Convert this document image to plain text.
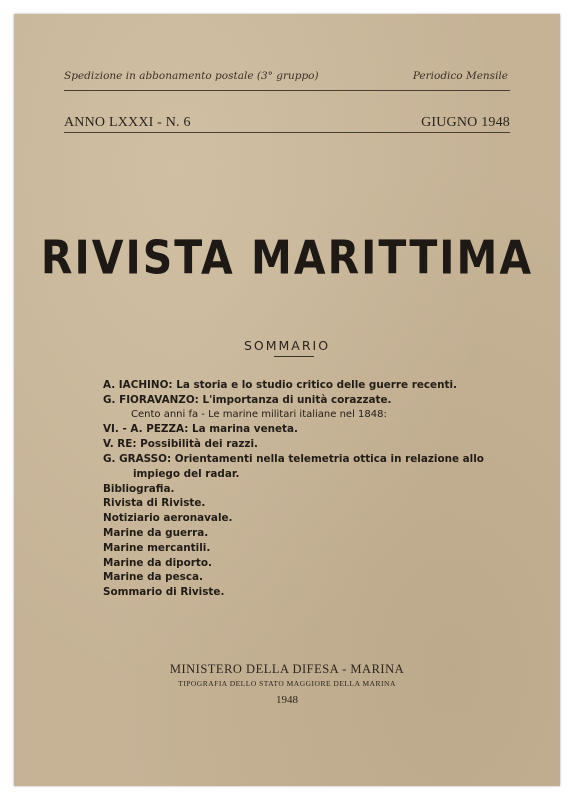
Spedizione in abbonamento postale (3° gruppo)	Periodico Mensile
ANNO LXXXI - N. 6	GIUGNO 1948
RIVISTA MARITTIMA
SOMMARIO
A. IACHINO: La storia e lo studio critico delle guerre recenti.
G. FIORAVANZO: L'importanza di unità corazzate.
Cento anni fa - Le marine militari italiane nel 1848:
VI. - A. PEZZA: La marina veneta.
V. RE: Possibilità dei razzi.
G. GRASSO: Orientamenti nella telemetria ottica in relazione allo
impiego del radar.
Bibliografia.
Rivista di Riviste.
Notiziario aeronavale.
Marine da guerra.
Marine mercantili.
Marine da diporto.
Marine da pesca.
Sommario di Riviste.
MINISTERO DELLA DIFESA - MARINA
TIPOGRAFIA DELLO STATO MAGGIORE DELLA MARINA
1948
